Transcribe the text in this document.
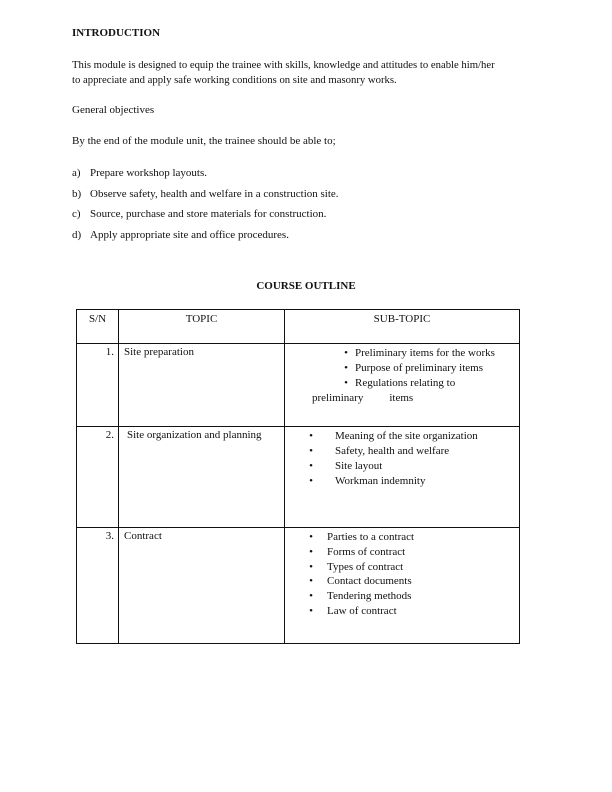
INTRODUCTION
This module is designed to equip the trainee with skills, knowledge and attitudes to enable him/her
to appreciate and apply safe working conditions on site and masonry works.
General objectives
By the end of the module unit, the trainee should be able to;
a) Prepare workshop layouts.
b) Observe safety, health and welfare in a construction site.
c) Source, purchase and store materials for construction.
d) Apply appropriate site and office procedures.
COURSE OUTLINE
S/N	TOPIC	SUB-TOPIC
1.	Site preparation	• Preliminary items for the works
• Purpose of preliminary items
• Regulations relating to
preliminary items

2.	Site organization and planning	• Meaning of the site organization
• Safety, health and welfare
• Site layout
• Workman indemnity

3.	Contract	• Parties to a contract
• Forms of contract
• Types of contract
• Contact documents
• Tendering methods
• Law of contract
